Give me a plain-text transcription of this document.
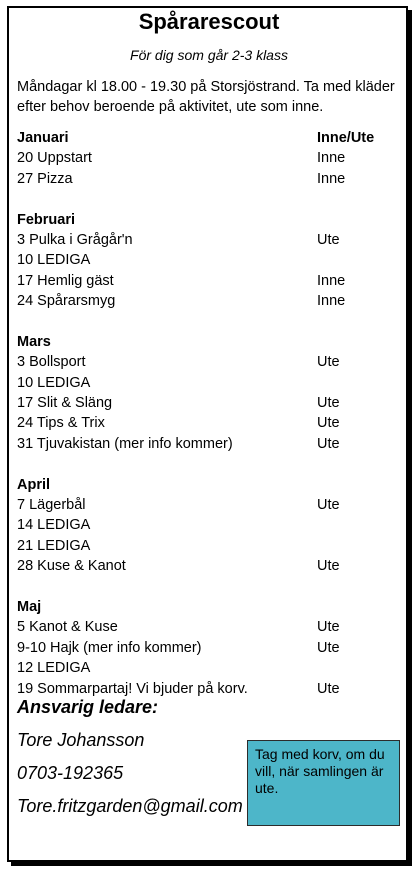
Spårarescout
För dig som går 2-3 klass
Måndagar kl 18.00 - 19.30 på Storsjöstrand. Ta med kläder efter behov beroende på aktivitet, ute som inne.
Januari	Inne/Ute
20 Uppstart	Inne
27 Pizza	Inne
Februari
3 Pulka i Grågår'n	Ute
10 LEDIGA
17 Hemlig gäst	Inne
24 Spårarsmyg	Inne
Mars
3 Bollsport	Ute
10 LEDIGA
17 Slit & Släng	Ute
24 Tips & Trix	Ute
31 Tjuvakistan (mer info kommer)	Ute
April
7 Lägerbål	Ute
14 LEDIGA
21 LEDIGA
28 Kuse & Kanot	Ute
Maj
5 Kanot & Kuse	Ute
9-10 Hajk (mer info kommer)	Ute
12 LEDIGA
19 Sommarpartaj! Vi bjuder på korv.	Ute
Ansvarig ledare:
Tore Johansson
0703-192365
Tore.fritzgarden@gmail.com
Tag med korv, om du vill, när samlingen är ute.
